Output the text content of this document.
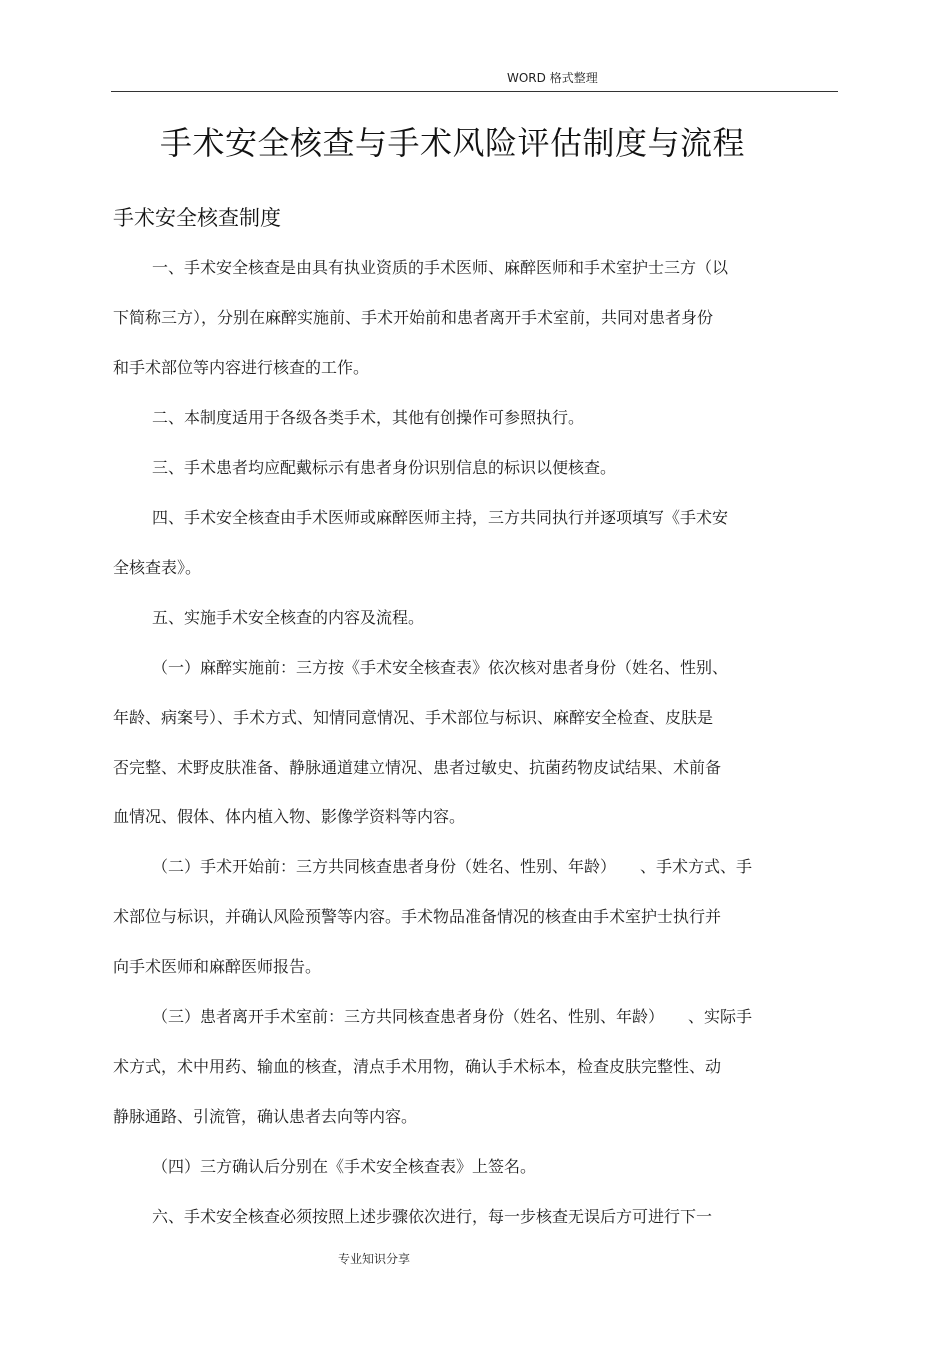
WORD 格式整理
手术安全核查与手术风险评估制度与流程
手术安全核查制度
一、手术安全核查是由具有执业资质的手术医师、麻醉医师和手术室护士三方（以
下简称三方），分别在麻醉实施前、手术开始前和患者离开手术室前，共同对患者身份
和手术部位等内容进行核查的工作。
二、本制度适用于各级各类手术，其他有创操作可参照执行。
三、手术患者均应配戴标示有患者身份识别信息的标识以便核查。
四、手术安全核查由手术医师或麻醉医师主持，三方共同执行并逐项填写《手术安
全核查表》。
五、实施手术安全核查的内容及流程。
（一）麻醉实施前：三方按《手术安全核查表》依次核对患者身份（姓名、性别、
年龄、病案号）、手术方式、知情同意情况、手术部位与标识、麻醉安全检查、皮肤是
否完整、术野皮肤准备、静脉通道建立情况、患者过敏史、抗菌药物皮试结果、术前备
血情况、假体、体内植入物、影像学资料等内容。
（二）手术开始前：三方共同核查患者身份（姓名、性别、年龄）　　、手术方式、手
术部位与标识，并确认风险预警等内容。手术物品准备情况的核查由手术室护士执行并
向手术医师和麻醉医师报告。
（三）患者离开手术室前：三方共同核查患者身份（姓名、性别、年龄）　　、实际手
术方式，术中用药、输血的核查，清点手术用物，确认手术标本，检查皮肤完整性、动
静脉通路、引流管，确认患者去向等内容。
（四）三方确认后分别在《手术安全核查表》上签名。
六、手术安全核查必须按照上述步骤依次进行，每一步核查无误后方可进行下一
专业知识分享
